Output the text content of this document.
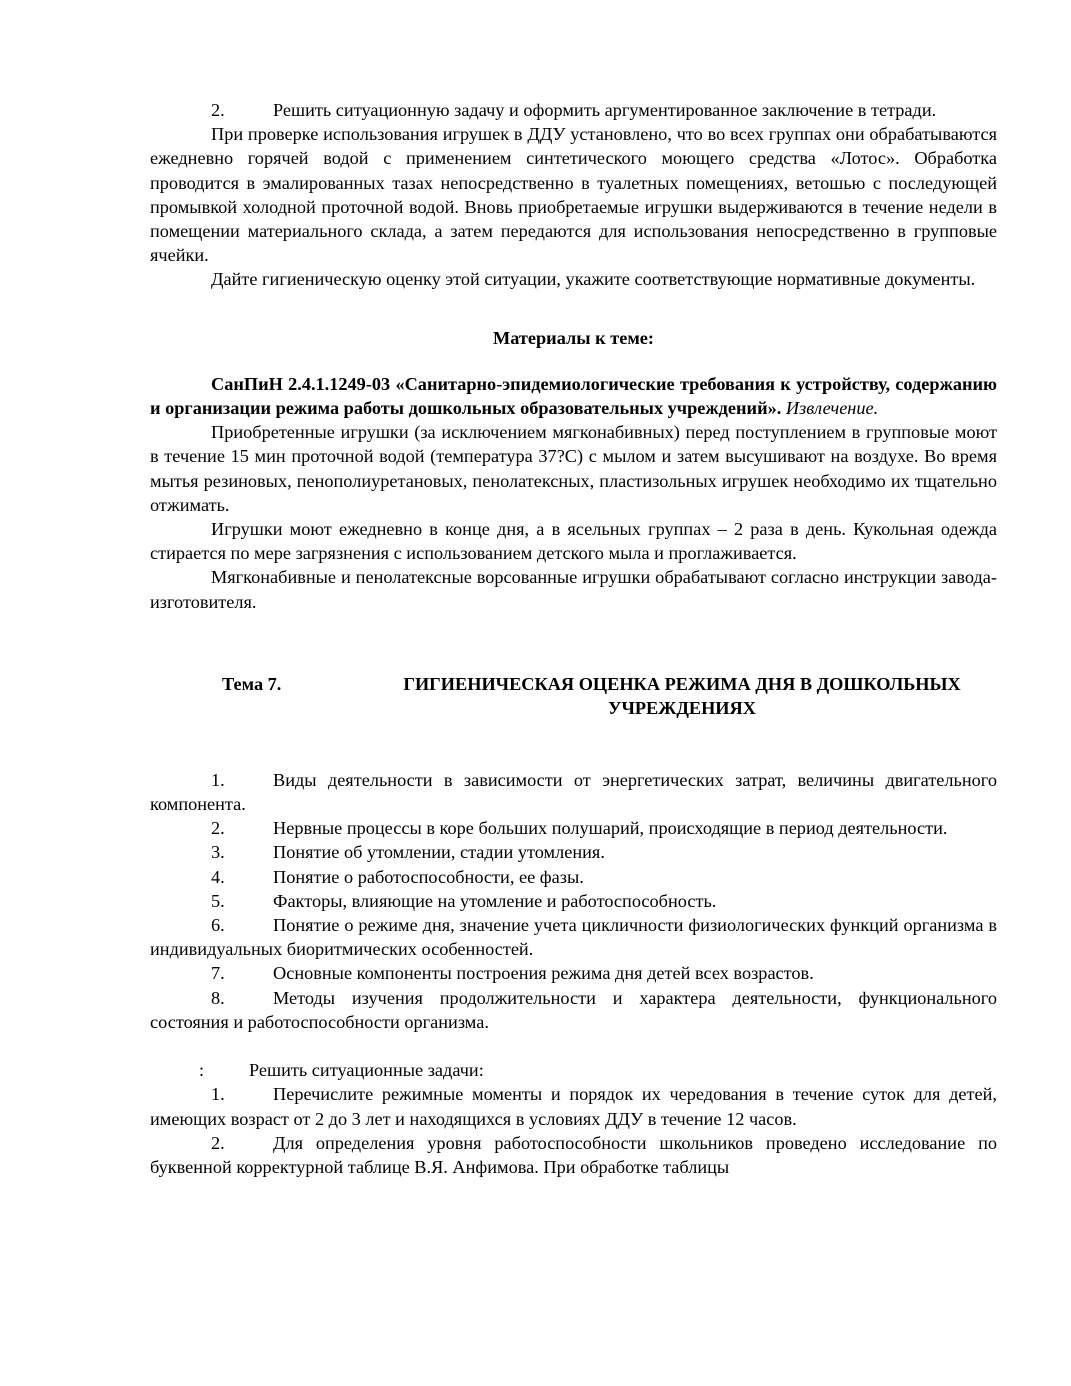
2.	Решить ситуационную задачу и оформить аргументированное заключение в тетради.

При проверке использования игрушек в ДДУ установлено, что во всех группах они обрабатываются ежедневно горячей водой с применением синтетического моющего средства «Лотос». Обработка проводится в эмалированных тазах непосредственно в туалетных помещениях, ветошью с последующей промывкой холодной проточной водой. Вновь приобретаемые игрушки выдерживаются в течение недели в помещении материального склада, а затем передаются для использования непосредственно в групповые ячейки.

Дайте гигиеническую оценку этой ситуации, укажите соответствующие нормативные документы.

Материалы к теме:

СанПиН 2.4.1.1249-03 «Санитарно-эпидемиологические требования к устройству, содержанию и организации режима работы дошкольных образовательных учреждений». Извлечение.

Приобретенные игрушки (за исключением мягконабивных) перед поступлением в групповые моют в течение 15 мин проточной водой (температура 37?С) с мылом и затем высушивают на воздухе. Во время мытья резиновых, пенополиуретановых, пенолатексных, пластизольных игрушек необходимо их тщательно отжимать.

Игрушки моют ежедневно в конце дня, а в ясельных группах – 2 раза в день. Кукольная одежда стирается по мере загрязнения с использованием детского мыла и проглаживается.

Мягконабивные и пенолатексные ворсованные игрушки обрабатывают согласно инструкции завода-изготовителя.

Тема 7.	ГИГИЕНИЧЕСКАЯ ОЦЕНКА РЕЖИМА ДНЯ В ДОШКОЛЬНЫХ УЧРЕЖДЕНИЯХ

1.	Виды деятельности в зависимости от энергетических затрат, величины двигательного компонента.

2.	Нервные процессы в коре больших полушарий, происходящие в период деятельности.

3.	Понятие об утомлении, стадии утомления.

4.	Понятие о работоспособности, ее фазы.

5.	Факторы, влияющие на утомление и работоспособность.

6.	Понятие о режиме дня, значение учета цикличности физиологических функций организма в индивидуальных биоритмических особенностей.

7.	Основные компоненты построения режима дня детей всех возрастов.

8.	Методы изучения продолжительности и характера деятельности, функционального состояния и работоспособности организма.

: Решить ситуационные задачи:

1.	Перечислите режимные моменты и порядок их чередования в течение суток для детей, имеющих возраст от 2 до 3 лет и находящихся в условиях ДДУ в течение 12 часов.

2.	Для определения уровня работоспособности школьников проведено исследование по буквенной корректурной таблице В.Я. Анфимова. При обработке таблицы
